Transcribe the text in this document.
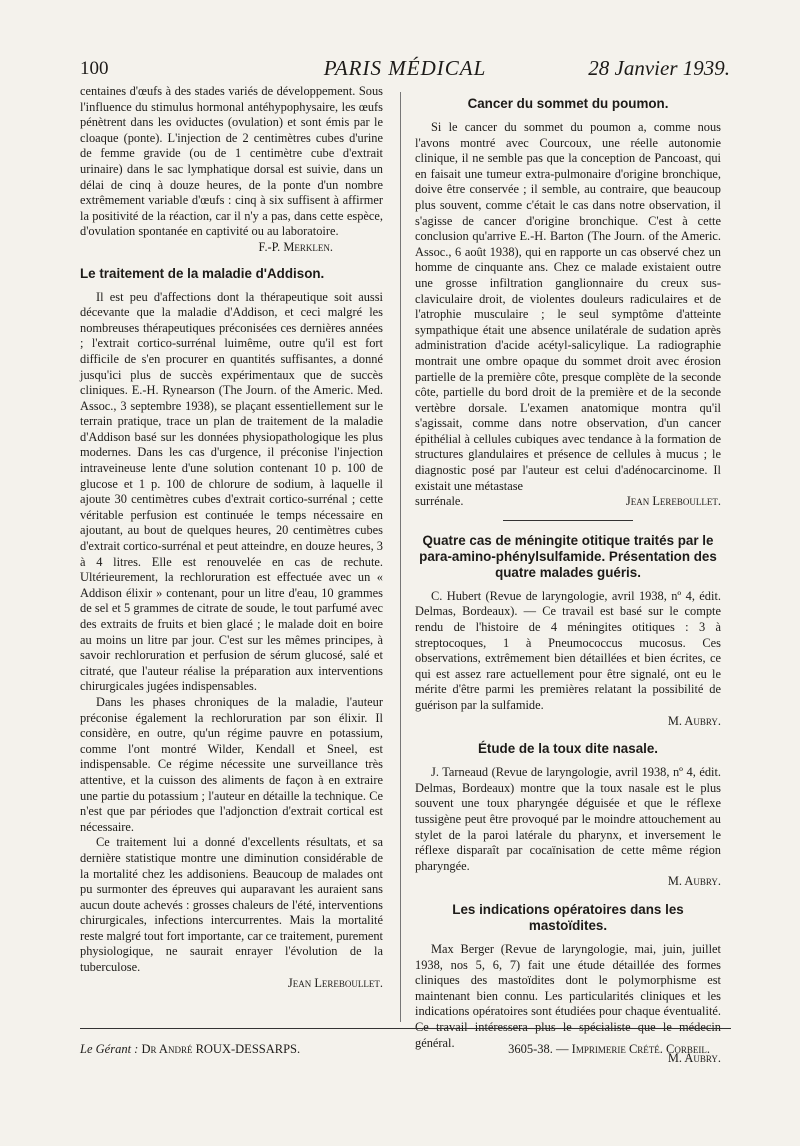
100	PARIS MÉDICAL	28 Janvier 1939.

centaines d'œufs à des stades variés de développement. Sous l'influence du stimulus hormonal antéhypophysaire, les œufs pénètrent dans les oviductes (ovulation) et sont émis par le cloaque (ponte). L'injection de 2 centimètres cubes d'urine de femme gravide (ou de 1 centimètre cube d'extrait urinaire) dans le sac lymphatique dorsal est suivie, dans un délai de cinq à douze heures, de la ponte d'un nombre extrêmement variable d'œufs : cinq à six suffisent à affirmer la positivité de la réaction, car il n'y a pas, dans cette espèce, d'ovulation spontanée en captivité ou au laboratoire.

F.-P. Merklen.
Le traitement de la maladie d'Addison.

Il est peu d'affections dont la thérapeutique soit aussi décevante que la maladie d'Addison, et ceci malgré les nombreuses thérapeutiques préconisées ces dernières années ; l'extrait cortico-surrénal luimême, outre qu'il est fort difficile de s'en procurer en quantités suffisantes, a donné jusqu'ici plus de succès expérimentaux que de succès cliniques. E.-H. Rynearson (The Journ. of the Americ. Med. Assoc., 3 septembre 1938), se plaçant essentiellement sur le terrain pratique, trace un plan de traitement de la maladie d'Addison basé sur les données physiopathologique les plus modernes. Dans les cas d'urgence, il préconise l'injection intraveineuse lente d'une solution contenant 10 p. 100 de glucose et 1 p. 100 de chlorure de sodium, à laquelle il ajoute 30 centimètres cubes d'extrait cortico-surrénal ; cette véritable perfusion est continuée le temps nécessaire en ajoutant, au bout de quelques heures, 20 centimètres cubes d'extrait cortico-surrénal et peut atteindre, en douze heures, 3 à 4 litres. Elle est renouvelée en cas de rechute. Ultérieurement, la rechloruration est effectuée avec un « Addison élixir » contenant, pour un litre d'eau, 10 grammes de sel et 5 grammes de citrate de soude, le tout parfumé avec des extraits de fruits et bien glacé ; le malade doit en boire au moins un litre par jour. C'est sur les mêmes principes, à savoir rechloruration et perfusion de sérum glucosé, salé et citraté, que l'auteur réalise la préparation aux interventions chirurgicales jugées indispensables.

Dans les phases chroniques de la maladie, l'auteur préconise également la rechloruration par son élixir. Il considère, en outre, qu'un régime pauvre en potassium, comme l'ont montré Wilder, Kendall et Sneel, est indispensable. Ce régime nécessite une surveillance très attentive, et la cuisson des aliments de façon à en extraire une partie du potassium ; l'auteur en détaille la technique. Ce n'est que par périodes que l'adjonction d'extrait cortical est nécessaire.

Ce traitement lui a donné d'excellents résultats, et sa dernière statistique montre une diminution considérable de la mortalité chez les addisoniens. Beaucoup de malades ont pu surmonter des épreuves qui auparavant les auraient sans aucun doute achevés : grosses chaleurs de l'été, interventions chirurgicales, infections intercurrentes. Mais la mortalité reste malgré tout fort importante, car ce traitement, purement physiologique, ne saurait enrayer l'évolution de la tuberculose.

Jean Lereboullet.
Cancer du sommet du poumon.

Si le cancer du sommet du poumon a, comme nous l'avons montré avec Courcoux, une réelle autonomie clinique, il ne semble pas que la conception de Pancoast, qui en faisait une tumeur extra-pulmonaire d'origine bronchique, doive être conservée ; il semble, au contraire, que beaucoup plus souvent, comme c'était le cas dans notre observation, il s'agisse de cancer d'origine bronchique. C'est à cette conclusion qu'arrive E.-H. Barton (The Journ. of the Americ. Assoc., 6 août 1938), qui en rapporte un cas observé chez un homme de cinquante ans. Chez ce malade existaient outre une grosse infiltration ganglionnaire du creux sus-claviculaire droit, de violentes douleurs radiculaires et de l'atrophie musculaire ; le seul symptôme d'atteinte sympathique était une absence unilatérale de sudation après administration d'acide acétyl-salicylique. La radiographie montrait une ombre opaque du sommet droit avec érosion partielle de la première côte, presque complète de la seconde côte, partielle du bord droit de la première et de la seconde vertèbre dorsale. L'examen anatomique montra qu'il s'agissait, comme dans notre observation, d'un cancer épithélial à cellules cubiques avec tendance à la formation de structures glandulaires et présence de cellules à mucus ; le diagnostic posé par l'auteur est celui d'adénocarcinome. Il existait une métastase

surrénale.	Jean Lereboullet.
Quatre cas de méningite otitique traités par le para-amino-phénylsulfamide. Présentation des quatre malades guéris.

C. Hubert (Revue de laryngologie, avril 1938, nº 4, édit. Delmas, Bordeaux). — Ce travail est basé sur le compte rendu de l'histoire de 4 méningites otitiques : 3 à streptocoques, 1 à Pneumococcus mucosus. Ces observations, extrêmement bien détaillées et bien écrites, ce qui est assez rare actuellement pour être signalé, ont eu le mérite d'être parmi les premières relatant la possibilité de guérison par la sulfamide.

M. Aubry.
Étude de la toux dite nasale.

J. Tarneaud (Revue de laryngologie, avril 1938, nº 4, édit. Delmas, Bordeaux) montre que la toux nasale est le plus souvent une toux pharyngée déguisée et que le réflexe tussigène peut être provoqué par le moindre attouchement au stylet de la paroi latérale du pharynx, et inversement le réflexe disparaît par cocaïnisation de cette même région pharyngée.

M. Aubry.
Les indications opératoires dans les mastoïdites.

Max Berger (Revue de laryngologie, mai, juin, juillet 1938, nos 5, 6, 7) fait une étude détaillée des formes cliniques des mastoïdites dont le polymorphisme est maintenant bien connu. Les particularités cliniques et les indications opératoires sont étudiées pour chaque éventualité. Ce travail intéressera plus le spécialiste que le médecin général.

M. Aubry.
Le Gérant : Dr André ROUX-DESSARPS.	3605-38. — Imprimerie Crété. Corbeil.
